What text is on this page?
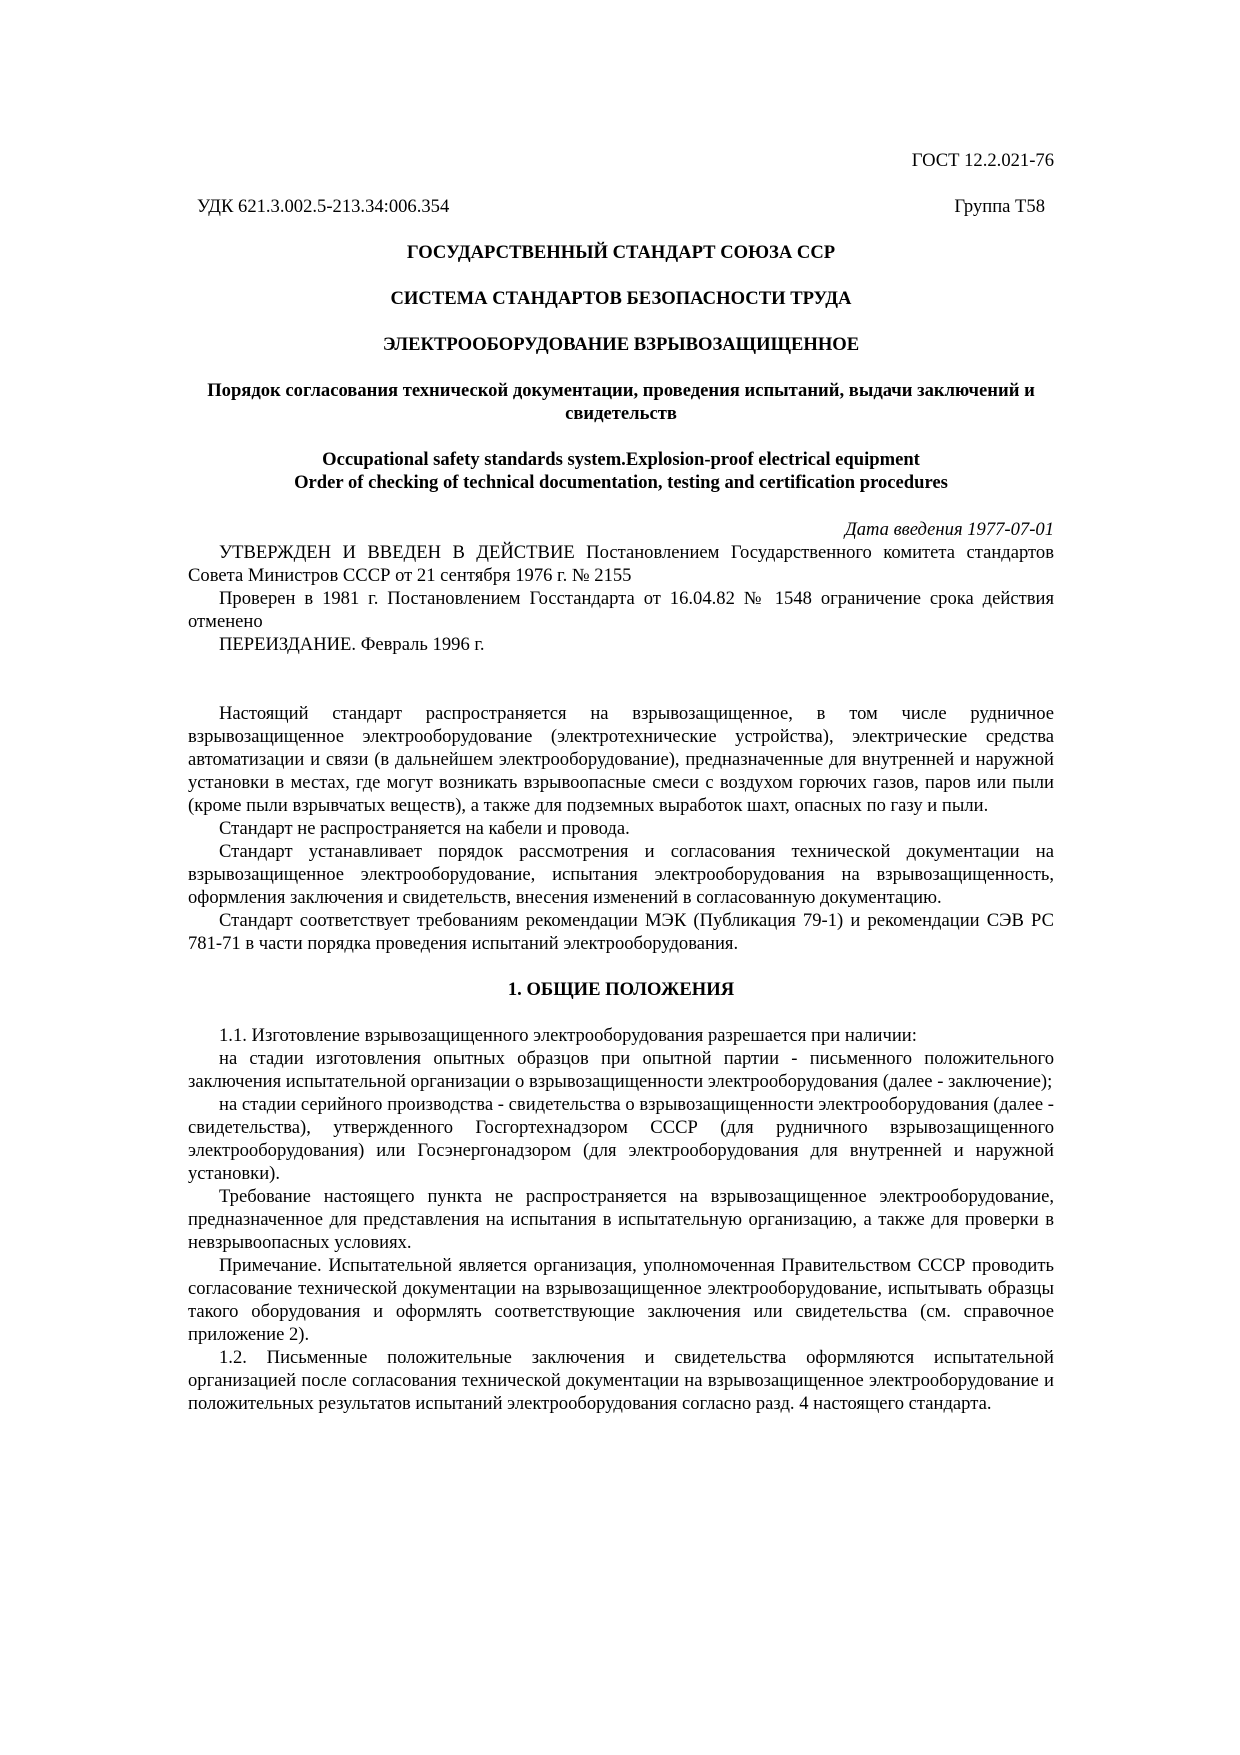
ГОСТ 12.2.021-76

УДК 621.3.002.5-213.34:006.354	Группа Т58

ГОСУДАРСТВЕННЫЙ СТАНДАРТ СОЮЗА ССР

СИСТЕМА СТАНДАРТОВ БЕЗОПАСНОСТИ ТРУДА

ЭЛЕКТРООБОРУДОВАНИЕ ВЗРЫВОЗАЩИЩЕННОЕ

Порядок согласования технической документации, проведения испытаний, выдачи заключений и свидетельств

Occupational safety standards system.Explosion-proof electrical equipment
Order of checking of technical documentation, testing and certification procedures

Дата введения 1977-07-01

УТВЕРЖДЕН И ВВЕДЕН В ДЕЙСТВИЕ Постановлением Государственного комитета стандартов Совета Министров СССР от 21 сентября 1976 г. № 2155

Проверен в 1981 г. Постановлением Госстандарта от 16.04.82 № 1548 ограничение срока действия отменено

ПЕРЕИЗДАНИЕ. Февраль 1996 г.

Настоящий стандарт распространяется на взрывозащищенное, в том числе рудничное взрывозащищенное электрооборудование (электротехнические устройства), электрические средства автоматизации и связи (в дальнейшем электрооборудование), предназначенные для внутренней и наружной установки в местах, где могут возникать взрывоопасные смеси с воздухом горючих газов, паров или пыли (кроме пыли взрывчатых веществ), а также для подземных выработок шахт, опасных по газу и пыли.

Стандарт не распространяется на кабели и провода.

Стандарт устанавливает порядок рассмотрения и согласования технической документации на взрывозащищенное электрооборудование, испытания электрооборудования на взрывозащищенность, оформления заключения и свидетельств, внесения изменений в согласованную документацию.

Стандарт соответствует требованиям рекомендации МЭК (Публикация 79-1) и рекомендации СЭВ РС 781-71 в части порядка проведения испытаний электрооборудования.

1. ОБЩИЕ ПОЛОЖЕНИЯ

1.1. Изготовление взрывозащищенного электрооборудования разрешается при наличии:

на стадии изготовления опытных образцов при опытной партии - письменного положительного заключения испытательной организации о взрывозащищенности электрооборудования (далее - заключение);

на стадии серийного производства - свидетельства о взрывозащищенности электрооборудования (далее - свидетельства), утвержденного Госгортехнадзором СССР (для рудничного взрывозащищенного электрооборудования) или Госэнергонадзором (для электрооборудования для внутренней и наружной установки).

Требование настоящего пункта не распространяется на взрывозащищенное электрооборудование, предназначенное для представления на испытания в испытательную организацию, а также для проверки в невзрывоопасных условиях.

Примечание. Испытательной является организация, уполномоченная Правительством СССР проводить согласование технической документации на взрывозащищенное электрооборудование, испытывать образцы такого оборудования и оформлять соответствующие заключения или свидетельства (см. справочное приложение 2).

1.2. Письменные положительные заключения и свидетельства оформляются испытательной организацией после согласования технической документации на взрывозащищенное электрооборудование и положительных результатов испытаний электрооборудования согласно разд. 4 настоящего стандарта.
